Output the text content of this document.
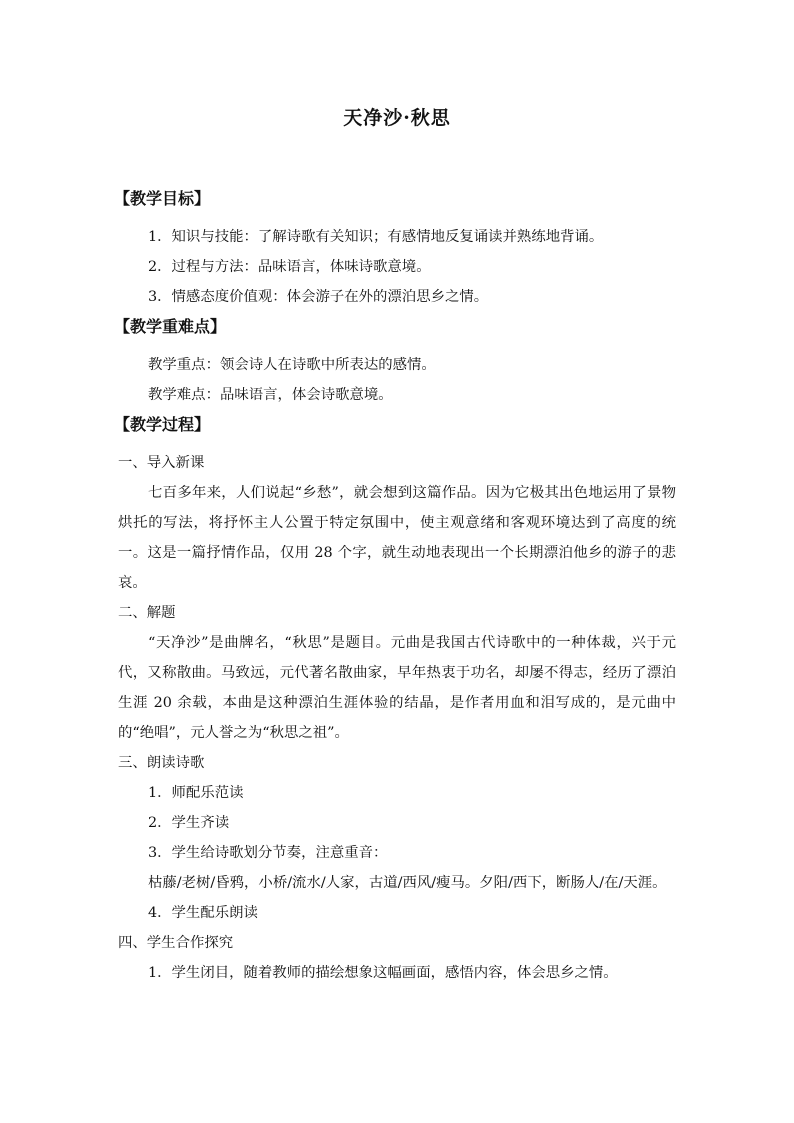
天净沙·秋思
【教学目标】

1．知识与技能：了解诗歌有关知识；有感情地反复诵读并熟练地背诵。

2．过程与方法：品味语言，体味诗歌意境。

3．情感态度价值观：体会游子在外的漂泊思乡之情。

【教学重难点】

教学重点：领会诗人在诗歌中所表达的感情。

教学难点：品味语言，体会诗歌意境。

【教学过程】

一、导入新课

七百多年来，人们说起“乡愁”，就会想到这篇作品。因为它极其出色地运用了景物烘托的写法，将抒怀主人公置于特定氛围中，使主观意绪和客观环境达到了高度的统一。这是一篇抒情作品，仅用 28 个字，就生动地表现出一个长期漂泊他乡的游子的悲哀。

二、解题

“天净沙”是曲牌名，“秋思”是题目。元曲是我国古代诗歌中的一种体裁，兴于元代，又称散曲。马致远，元代著名散曲家，早年热衷于功名，却屡不得志，经历了漂泊生涯 20 余载，本曲是这种漂泊生涯体验的结晶，是作者用血和泪写成的，是元曲中的“绝唱”，元人誉之为“秋思之祖”。

三、朗读诗歌

1．师配乐范读

2．学生齐读

3．学生给诗歌划分节奏，注意重音：

枯藤/老树/昏鸦，小桥/流水/人家，古道/西风/瘦马。夕阳/西下，断肠人/在/天涯。

4．学生配乐朗读

四、学生合作探究

1．学生闭目，随着教师的描绘想象这幅画面，感悟内容，体会思乡之情。
